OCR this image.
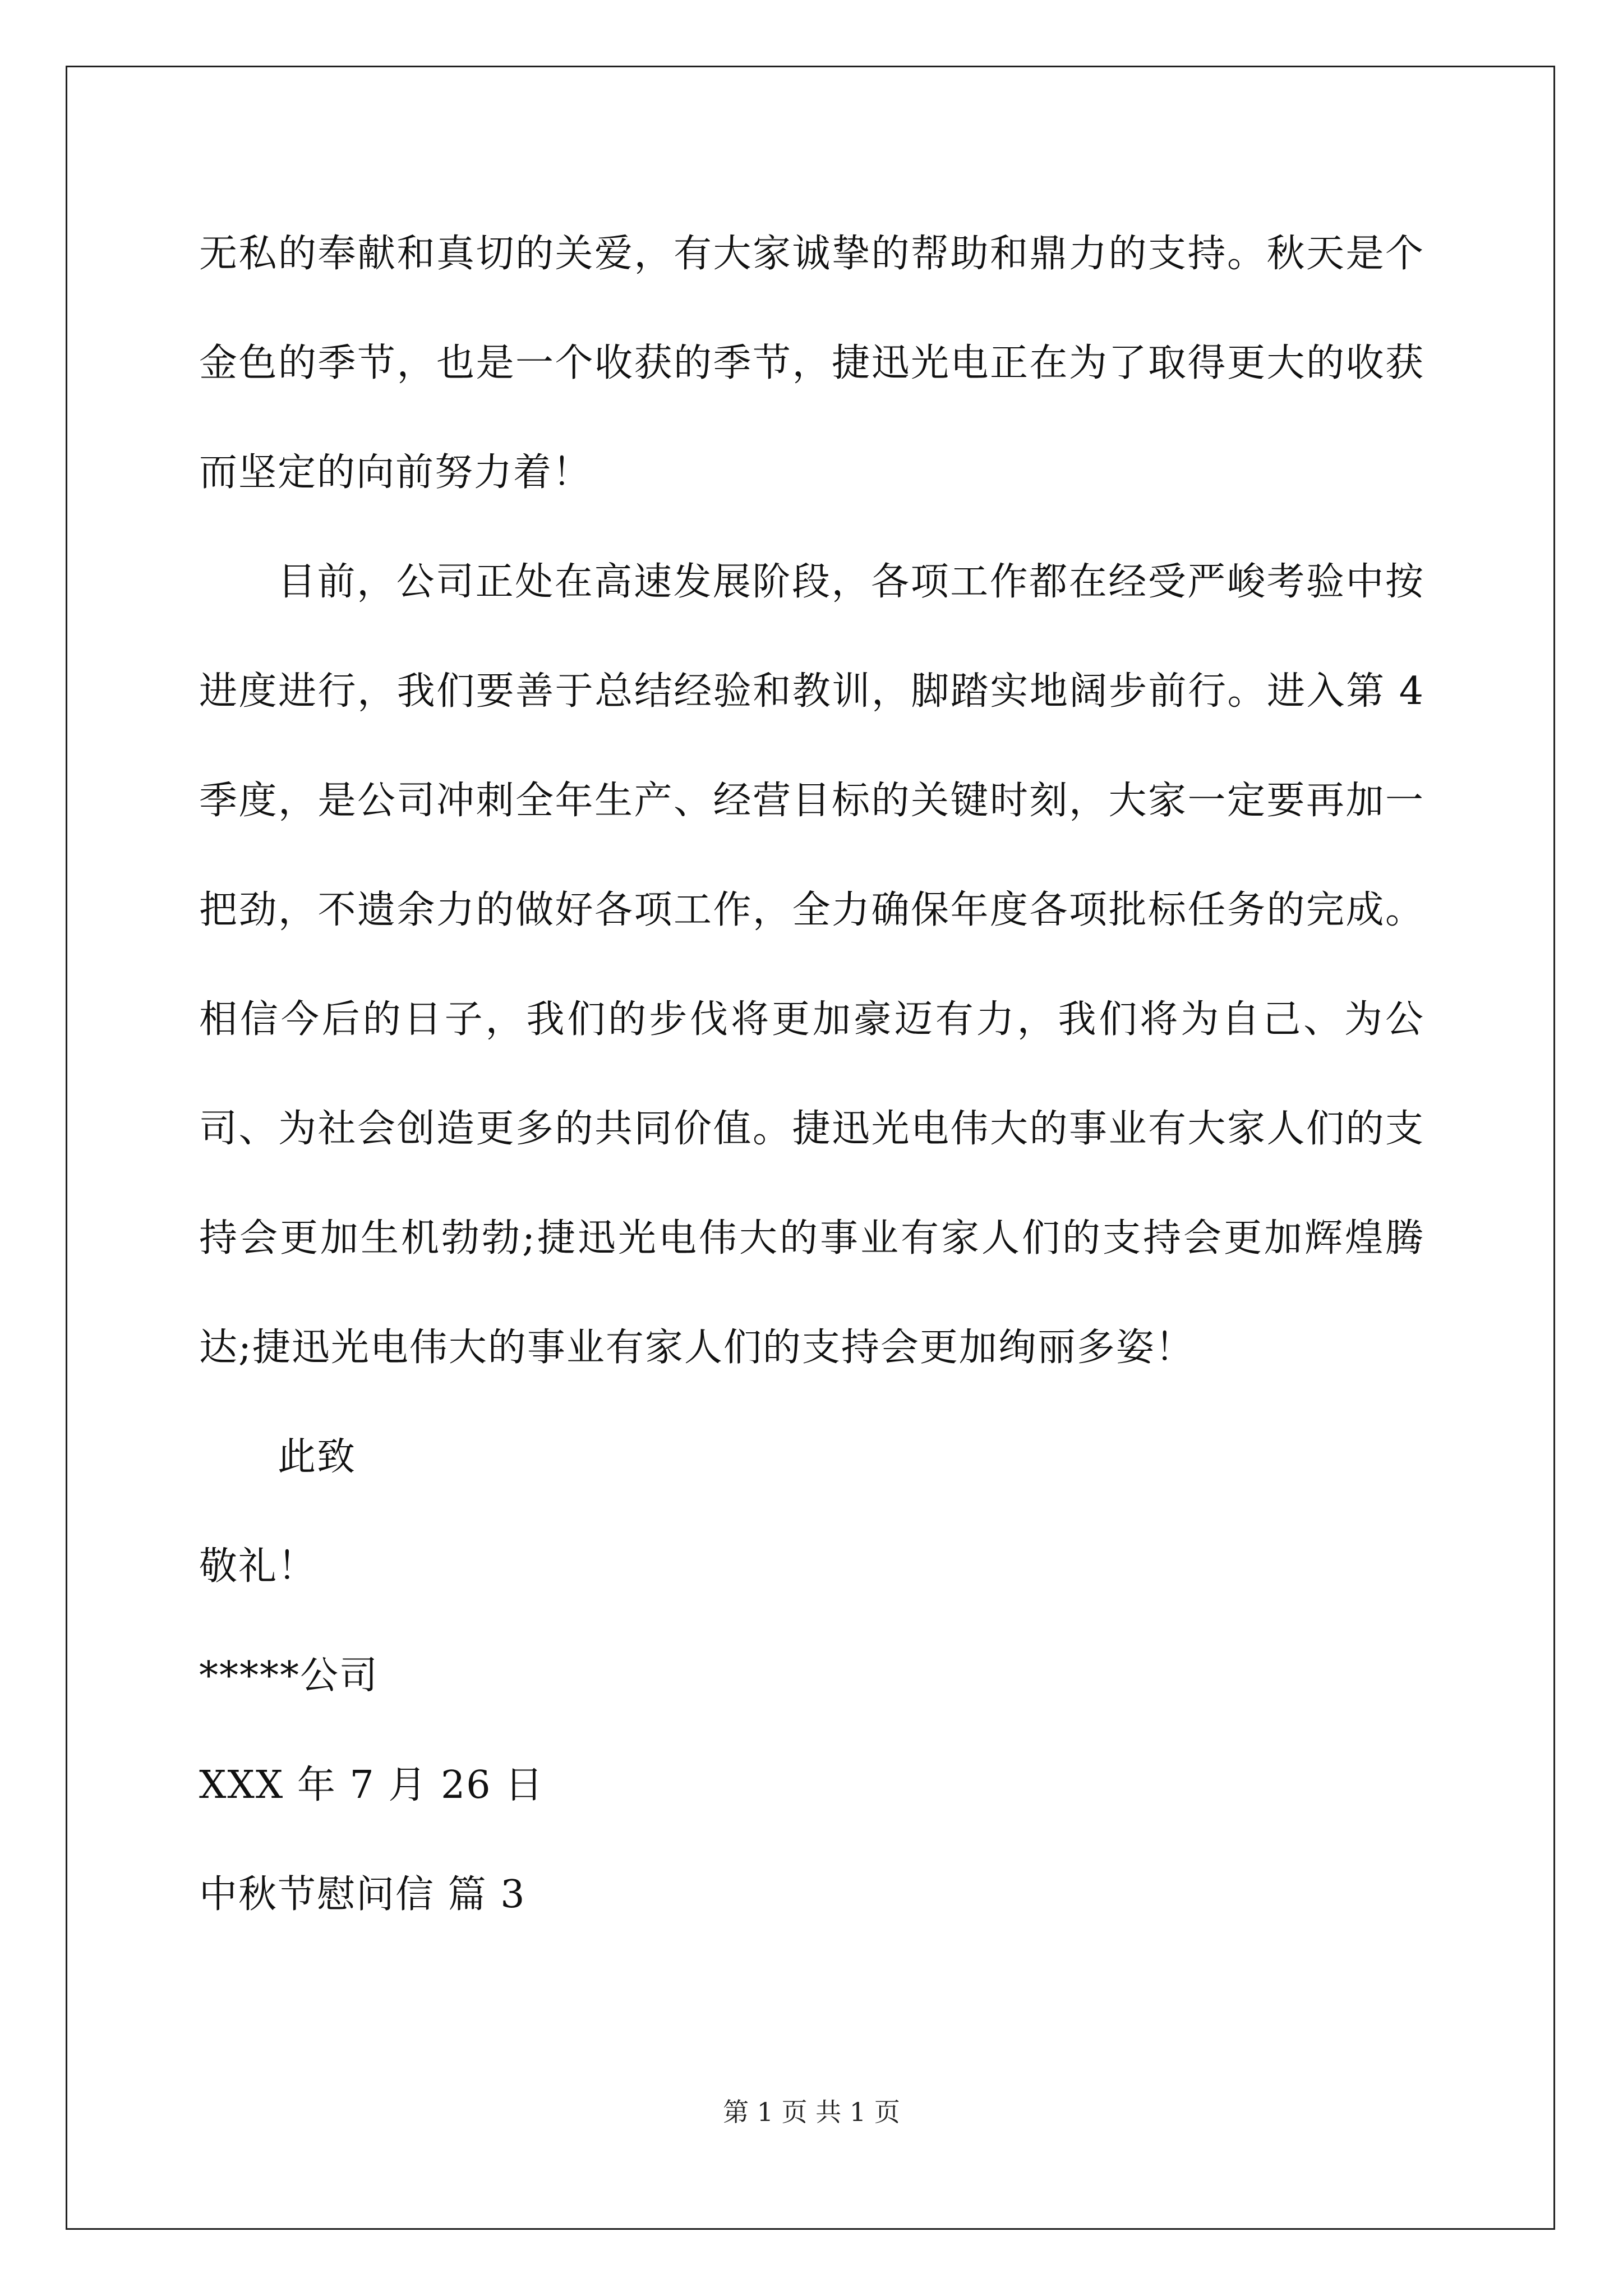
无私的奉献和真切的关爱，有大家诚挚的帮助和鼎力的支持。秋天是个金色的季节，也是一个收获的季节，捷迅光电正在为了取得更大的收获而坚定的向前努力着！

目前，公司正处在高速发展阶段，各项工作都在经受严峻考验中按进度进行，我们要善于总结经验和教训，脚踏实地阔步前行。进入第 4 季度，是公司冲刺全年生产、经营目标的关键时刻，大家一定要再加一把劲，不遗余力的做好各项工作，全力确保年度各项批标任务的完成。相信今后的日子，我们的步伐将更加豪迈有力，我们将为自己、为公司、为社会创造更多的共同价值。捷迅光电伟大的事业有大家人们的支持会更加生机勃勃;捷迅光电伟大的事业有家人们的支持会更加辉煌腾达;捷迅光电伟大的事业有家人们的支持会更加绚丽多姿！

此致

敬礼！

*****公司

XXX 年 7 月 26 日

中秋节慰问信 篇 3

第 1 页 共 1 页
